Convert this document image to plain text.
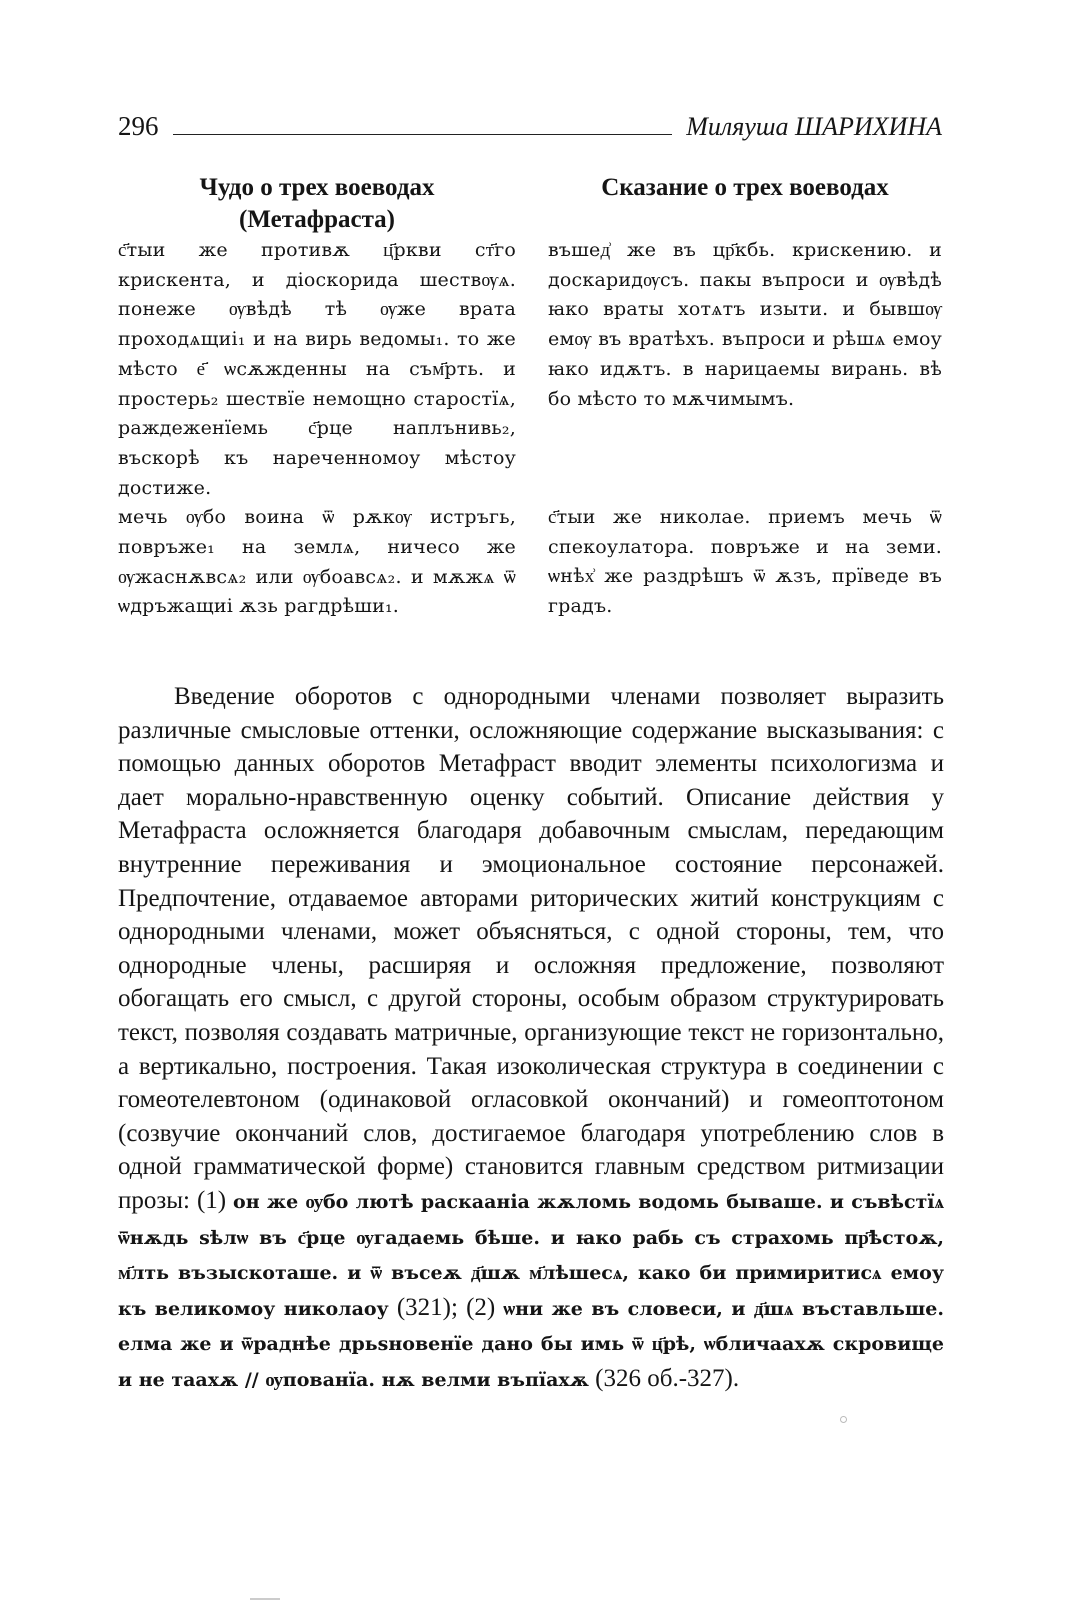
296	Миляуша ШАРИХИНА

Чудо о трех воеводах

(Метафраста)

с҃тыи же противѫ ц҃ркви ст҃го крискента, и діоскорида шествѹѧ. понеже ѹвѣдѣ тѣ ѹже врата проходѧщиі₁ и на вирь ведомы₁. то же мѣсто е҃ ѡсѫжденны на съм҃рть. и простерь₂ шествїе немощно старостїѧ, раждеженїемь с҃рце наплънивь₂, въскорѣ къ нареченномоу мѣстоу достиже.

мечь ѹбо воина ѿ рѫкѹ истръгь, повръже₁ на землѧ, ничесо же ѹжаснѫвсѧ₂ или ѹбоавсѧ₂. и мѫжѧ ѿ ѡдръжащиі ѫзь рагдрѣши₁.

Сказание о трех воеводах

въшед͗ же въ цр҃кбь. крискению. и доскаридѹсъ. пакы въпроси и ѹвѣдѣ ꙗко враты хотѧтъ изыти. и бывшѹ емѹ въ вратѣхъ. въпроси и рѣшѧ емоу ꙗко идѫтъ. в нарицаемы вирань. вѣ бо мѣсто то мѫчимымъ.

с҃тыи же николае. приемъ мечь ѿ спекоулатора. повръже и на земи. ѡнѣх͗ же раздрѣшъ ѿ ѫзъ, прїведе въ градъ.

Введение оборотов с однородными членами позволяет выразить различные смысловые оттенки, осложняющие содержание высказывания: с помощью данных оборотов Метафраст вводит элементы психологизма и дает морально-нравственную оценку событий. Описание действия у Метафраста осложняется благодаря добавочным смыслам, передающим внутренние переживания и эмоциональное состояние персонажей. Предпочтение, отдаваемое авторами риторических житий конструкциям с однородными членами, может объясняться, с одной стороны, тем, что однородные члены, расширяя и осложняя предложение, позволяют обогащать его смысл, с другой стороны, особым образом структурировать текст, позволяя создавать матричные, организующие текст не горизонтально, а вертикально, построения. Такая изоколическая структура в соединении с гомеотелевтоном (одинаковой огласовкой окончаний) и гомеоптотоном (созвучие окончаний слов, достигаемое благодаря употреблению слов в одной грамматической форме) становится главным средством ритмизации прозы: (1) он же ѹбо лютѣ раскааніа жѫломь водомь бываше. и съвѣстїѧ ѿнѫдь ѕѣлѡ въ с҃рце ѹгадаемь бѣше. и ꙗко рабь съ страхомь пр҃ѣстоѫ, м҃лть възыскоташе. и ѿ въсеѫ д҃шѫ м҃лѣшесѧ, како би примиритисѧ емоу къ великомоу николаоу (321); (2) ѡни же въ словеси, и д҃шѧ въставльше. елма же и ѿраднѣе дрьѕновенїе дано бы имь ѿ ц҃рѣ, ѡбличаахѫ скровище и не таахѫ // ѹпованїа. нѫ велми въпїахѫ (326 об.-327).
